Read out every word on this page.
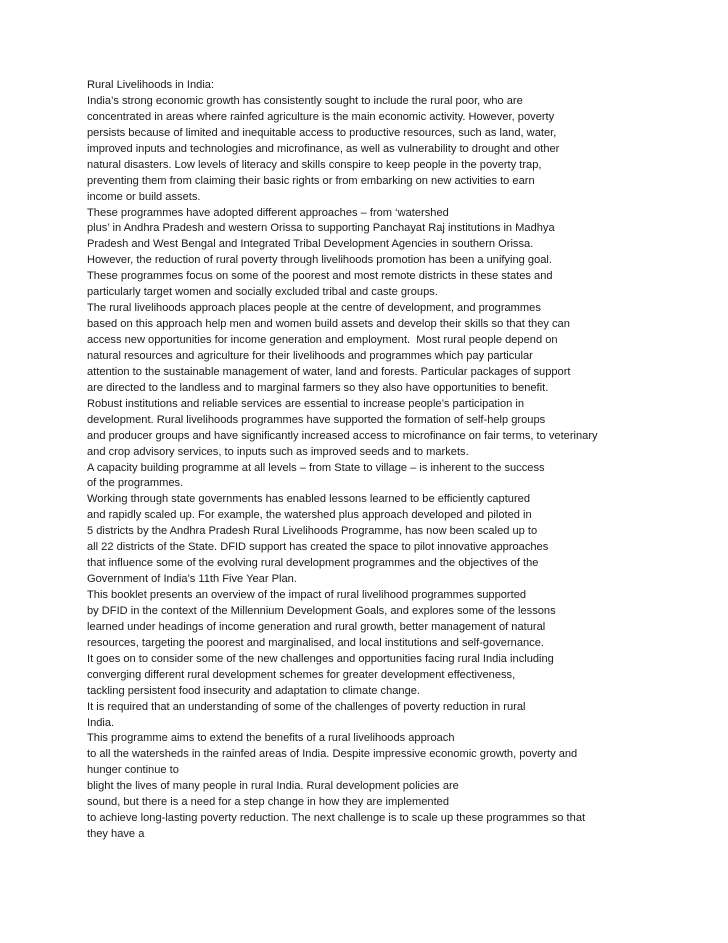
Rural Livelihoods in India:
India’s strong economic growth has consistently sought to include the rural poor, who are
concentrated in areas where rainfed agriculture is the main economic activity. However, poverty
persists because of limited and inequitable access to productive resources, such as land, water,
improved inputs and technologies and microfinance, as well as vulnerability to drought and other
natural disasters. Low levels of literacy and skills conspire to keep people in the poverty trap,
preventing them from claiming their basic rights or from embarking on new activities to earn
income or build assets.
These programmes have adopted different approaches – from ‘watershed
plus’ in Andhra Pradesh and western Orissa to supporting Panchayat Raj institutions in Madhya
Pradesh and West Bengal and Integrated Tribal Development Agencies in southern Orissa.
However, the reduction of rural poverty through livelihoods promotion has been a unifying goal.
These programmes focus on some of the poorest and most remote districts in these states and
particularly target women and socially excluded tribal and caste groups.
The rural livelihoods approach places people at the centre of development, and programmes
based on this approach help men and women build assets and develop their skills so that they can
access new opportunities for income generation and employment.  Most rural people depend on
natural resources and agriculture for their livelihoods and programmes which pay particular
attention to the sustainable management of water, land and forests. Particular packages of support
are directed to the landless and to marginal farmers so they also have opportunities to benefit.
Robust institutions and reliable services are essential to increase people’s participation in
development. Rural livelihoods programmes have supported the formation of self-help groups
and producer groups and have significantly increased access to microfinance on fair terms, to veterinary
and crop advisory services, to inputs such as improved seeds and to markets.
A capacity building programme at all levels – from State to village – is inherent to the success
of the programmes.
Working through state governments has enabled lessons learned to be efficiently captured
and rapidly scaled up. For example, the watershed plus approach developed and piloted in
5 districts by the Andhra Pradesh Rural Livelihoods Programme, has now been scaled up to
all 22 districts of the State. DFID support has created the space to pilot innovative approaches
that influence some of the evolving rural development programmes and the objectives of the
Government of India’s 11th Five Year Plan.
This booklet presents an overview of the impact of rural livelihood programmes supported
by DFID in the context of the Millennium Development Goals, and explores some of the lessons
learned under headings of income generation and rural growth, better management of natural
resources, targeting the poorest and marginalised, and local institutions and self-governance.
It goes on to consider some of the new challenges and opportunities facing rural India including
converging different rural development schemes for greater development effectiveness,
tackling persistent food insecurity and adaptation to climate change.
It is required that an understanding of some of the challenges of poverty reduction in rural
India.
This programme aims to extend the benefits of a rural livelihoods approach
to all the watersheds in the rainfed areas of India. Despite impressive economic growth, poverty and
hunger continue to
blight the lives of many people in rural India. Rural development policies are
sound, but there is a need for a step change in how they are implemented
to achieve long-lasting poverty reduction. The next challenge is to scale up these programmes so that
they have a
